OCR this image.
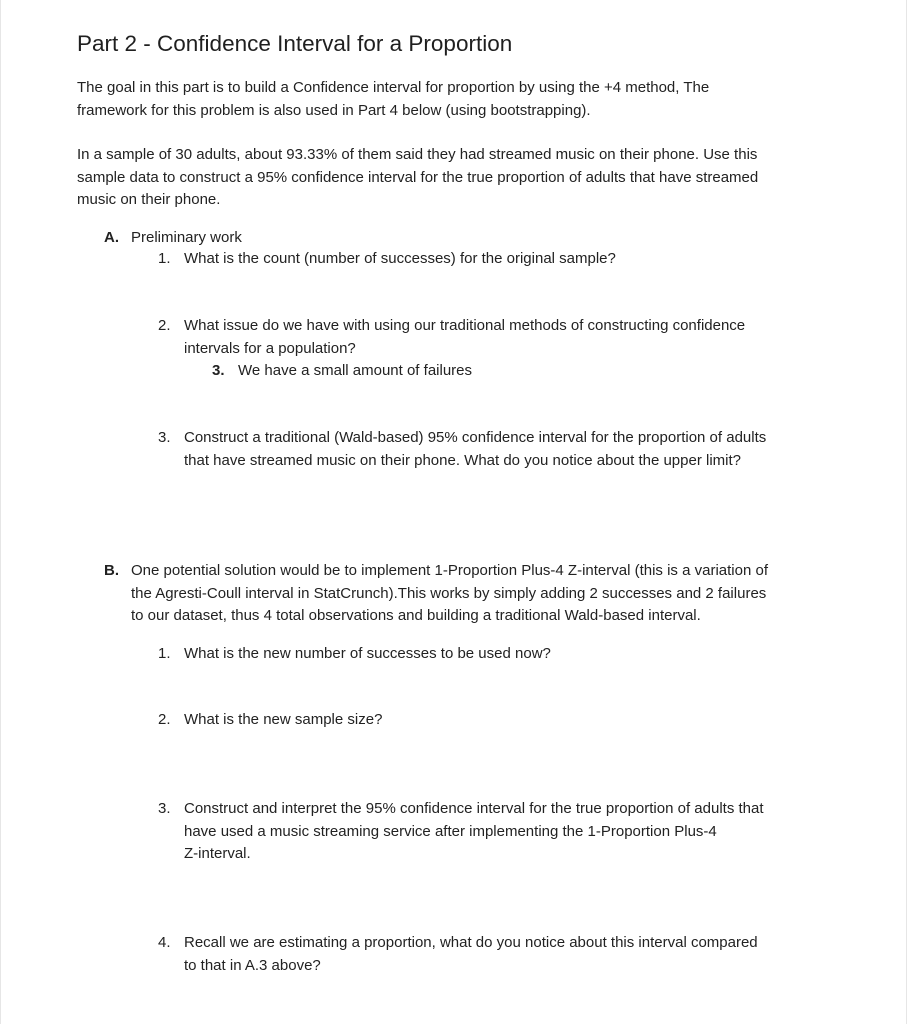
Part 2 - Confidence Interval for a Proportion

The goal in this part is to build a Confidence interval for proportion by using the +4 method, The
framework for this problem is also used in Part 4 below (using bootstrapping).

In a sample of 30 adults, about 93.33% of them said they had streamed music on their phone. Use this
sample data to construct a 95% confidence interval for the true proportion of adults that have streamed
music on their phone.

A. Preliminary work
1. What is the count (number of successes) for the original sample?
2. What issue do we have with using our traditional methods of constructing confidence
intervals for a population?
3. We have a small amount of failures
3. Construct a traditional (Wald-based) 95% confidence interval for the proportion of adults
that have streamed music on their phone. What do you notice about the upper limit?
B. One potential solution would be to implement 1-Proportion Plus-4 Z-interval (this is a variation of
the Agresti-Coull interval in StatCrunch).This works by simply adding 2 successes and 2 failures
to our dataset, thus 4 total observations and building a traditional Wald-based interval.
1. What is the new number of successes to be used now?
2. What is the new sample size?
3. Construct and interpret the 95% confidence interval for the true proportion of adults that
have used a music streaming service after implementing the 1-Proportion Plus-4
Z-interval.
4. Recall we are estimating a proportion, what do you notice about this interval compared
to that in A.3 above?
